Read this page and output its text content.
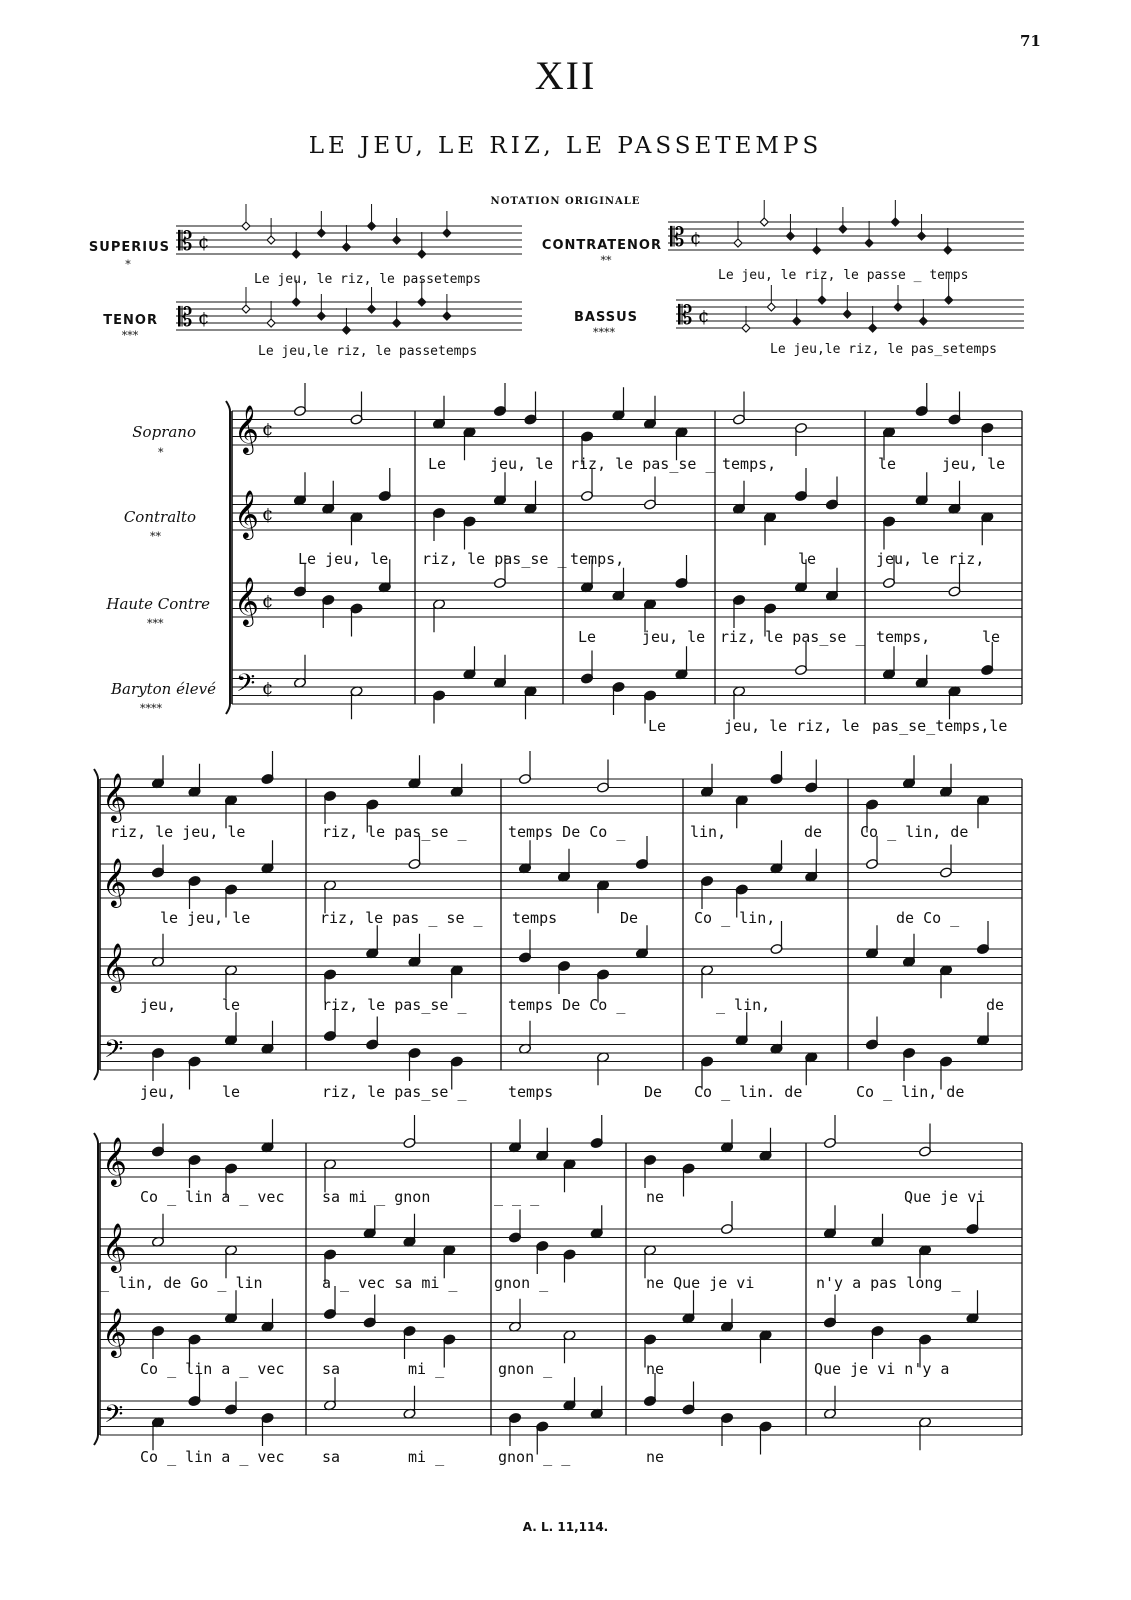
71
XII
LE JEU, LE RIZ, LE PASSETEMPS
NOTATION ORIGINALE
SUPERIUS
*
CONTRATENOR
**
TENOR
***
BASSUS
****
Le jeu, le riz, le passetemps	Le jeu, le riz, le passe _ temps
Le jeu,le riz, le passetemps	Le jeu,le riz, le pas_setemps
Soprano
*
Contralto
**
Haute Contre
***
Baryton élevé
****
Le	jeu, le riz, le pas_se _ temps,	le	jeu, le
Le jeu, le riz, le pas_se _ temps,	le	jeu, le riz,
Le	jeu, le riz, le pas_se _ temps,	le
Le	jeu, le riz, le pas_se_temps,le
riz, le jeu, le	riz, le pas_se _	temps De Co _	lin,	de	Co _ lin, de
le jeu, le	riz, le pas _ se _ temps	De	Co _ lin,	de Co _
jeu,	le	riz, le pas_se _	temps De Co _	_ lin,	de
jeu,	le	riz, le pas_se _	temps	De Co _ lin. de	Co _ lin, de
Co _ lin a _ vec	sa mi _ gnon	_ _ _	ne	Que je vi
_ lin, de Go _ lin	a _ vec sa mi _ gnon _	ne Que je vi	n'y a pas long _
Co _ lin a _ vec	sa	mi _	gnon _	ne	Que je vi n'y a
Co _ lin a _ vec	sa	mi _	gnon _ _	ne
A. L. 11,114.
𝄡 ¢	𝄡 ¢
𝄡 ¢	𝄡 ¢
𝄞 ¢
𝄞 ¢
𝄞 ¢
𝄢 ¢
𝄞
𝄞
𝄞
𝄢
𝄞
𝄞
𝄞
𝄢
